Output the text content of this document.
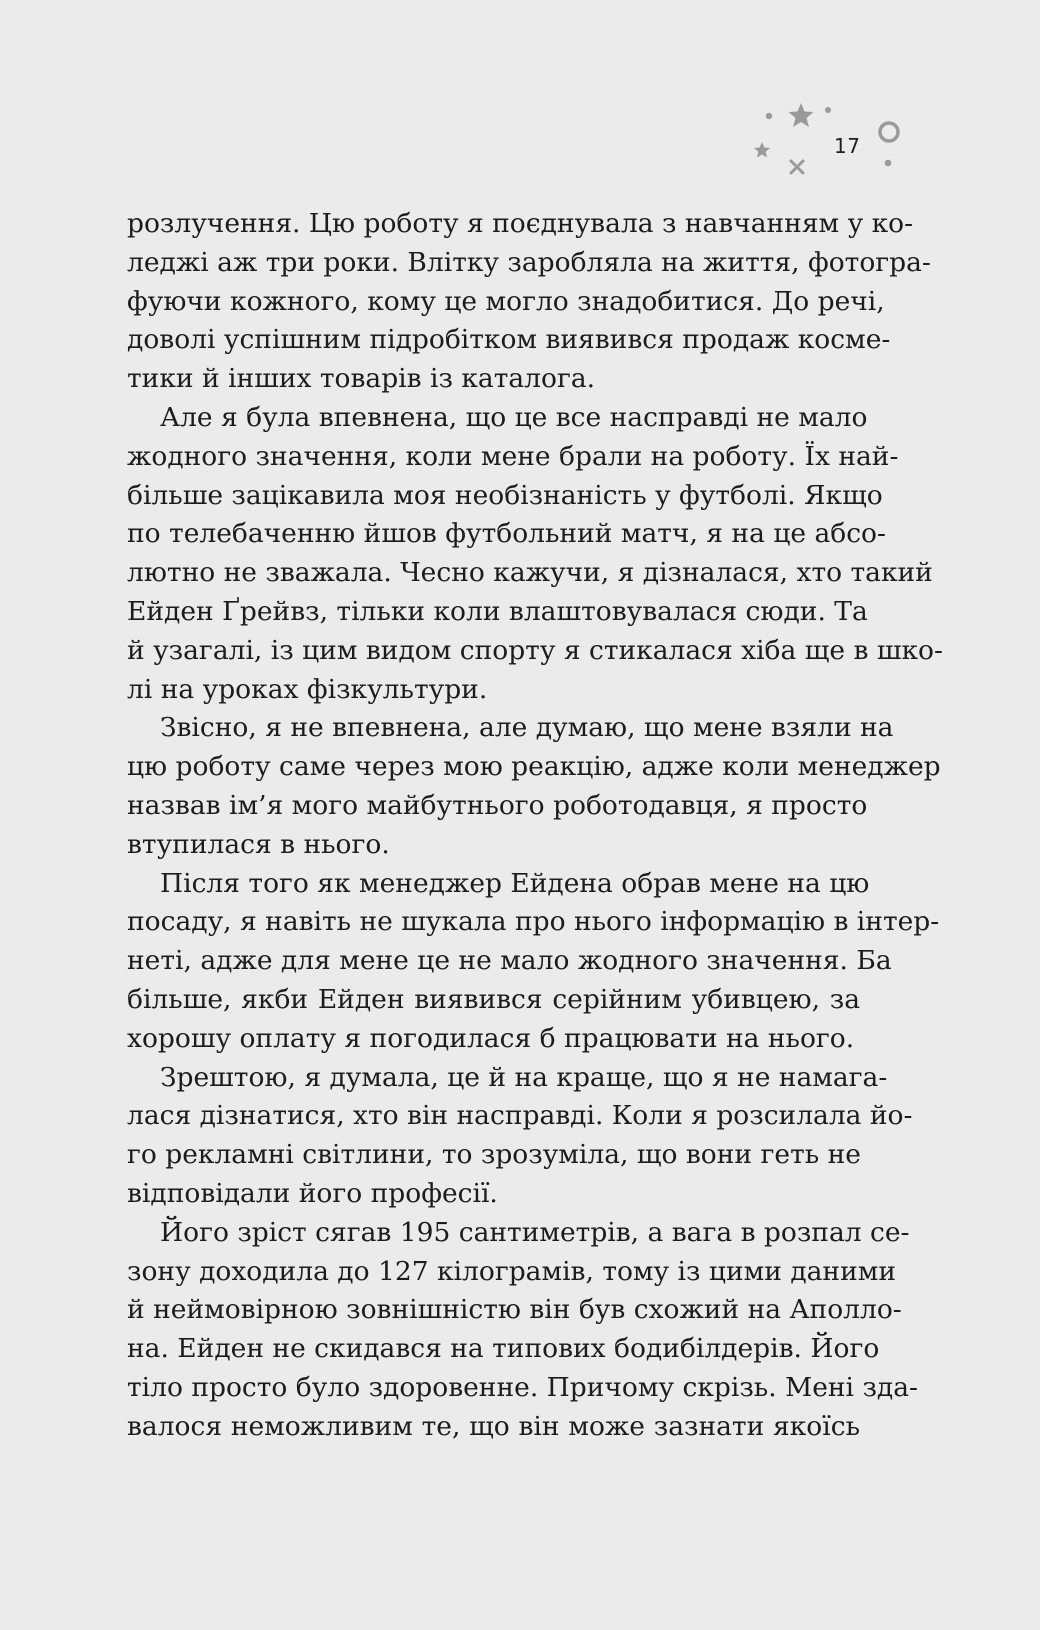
17
розлучення. Цю роботу я поєднувала з навчанням у ко-
леджі аж три роки. Влітку заробляла на життя, фотогра-
фуючи кожного, кому це могло знадобитися. До речі,
доволі успішним підробітком виявився продаж космe-
тики й інших товарів із каталога.
Але я була впевнена, що це все насправді не мало
жодного значення, коли мене брали на роботу. Їх най-
більше зацікавила моя необізнаність у футболі. Якщо
по телебаченню йшов футбольний матч, я на це абсо-
лютно не зважала. Чесно кажучи, я дізналася, хто такий
Ейден Ґрейвз, тільки коли влаштовувалася сюди. Та
й узагалі, із цим видом спорту я стикалася хіба ще в шко-
лі на уроках фізкультури.
Звісно, я не впевнена, але думаю, що мене взяли на
цю роботу саме через мою реакцію, адже коли менеджер
назвав ім’я мого майбутнього роботодавця, я просто
втупилася в нього.
Після того як менеджер Ейдена обрав мене на цю
посаду, я навіть не шукала про нього інформацію в інтер-
неті, адже для мене це не мало жодного значення. Ба
більше, якби Ейден виявився серійним убивцею, за
хорошу оплату я погодилася б працювати на нього.
Зрештою, я думала, це й на краще, що я не намага-
лася дізнатися, хто він насправді. Коли я розсилала йо-
го рекламні світлини, то зрозуміла, що вони геть не
відповідали його професії.
Його зріст сягав 195 сантиметрів, а вага в розпал се-
зону доходила до 127 кілограмів, тому із цими даними
й неймовірною зовнішністю він був схожий на Аполло-
на. Ейден не скидався на типових бодибілдерів. Його
тіло просто було здоровенне. Причому скрізь. Мені зда-
валося неможливим те, що він може зазнати якоїсь
